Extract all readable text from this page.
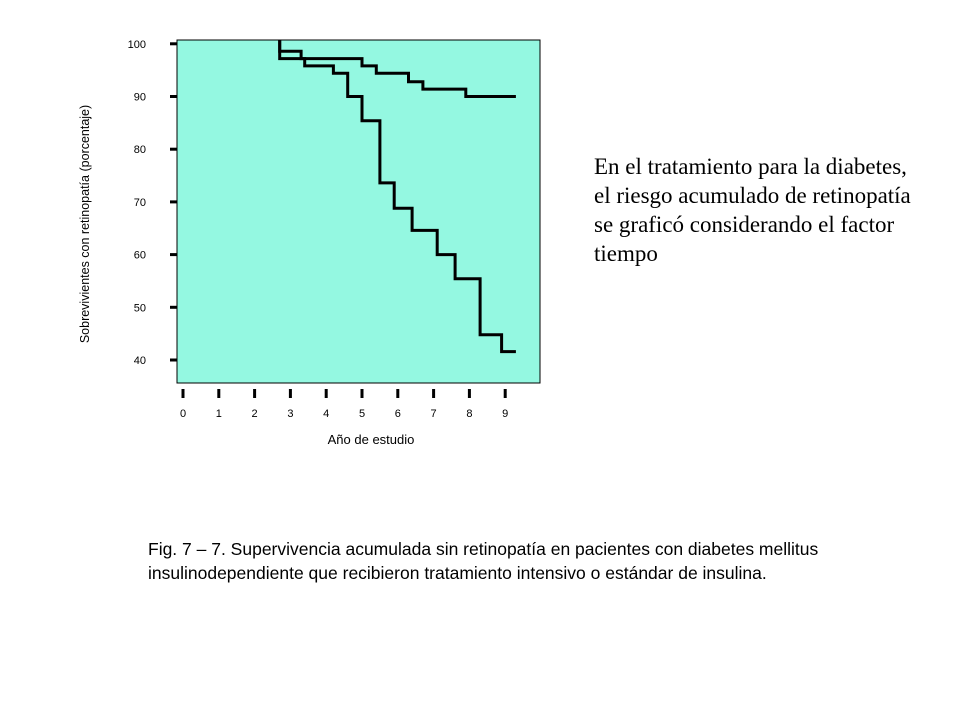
40
50
60
70
80
90
100
0	1	2	3	4	5	6	7	8	9
Sobrevivientes con retinopatía (porcentaje)
Año de estudio
En el tratamiento para la diabetes, el riesgo acumulado de retinopatía se graficó considerando el factor tiempo
Fig. 7 – 7. Supervivencia acumulada sin retinopatía en pacientes con diabetes mellitus insulinodependiente que recibieron tratamiento intensivo o estándar de insulina.
